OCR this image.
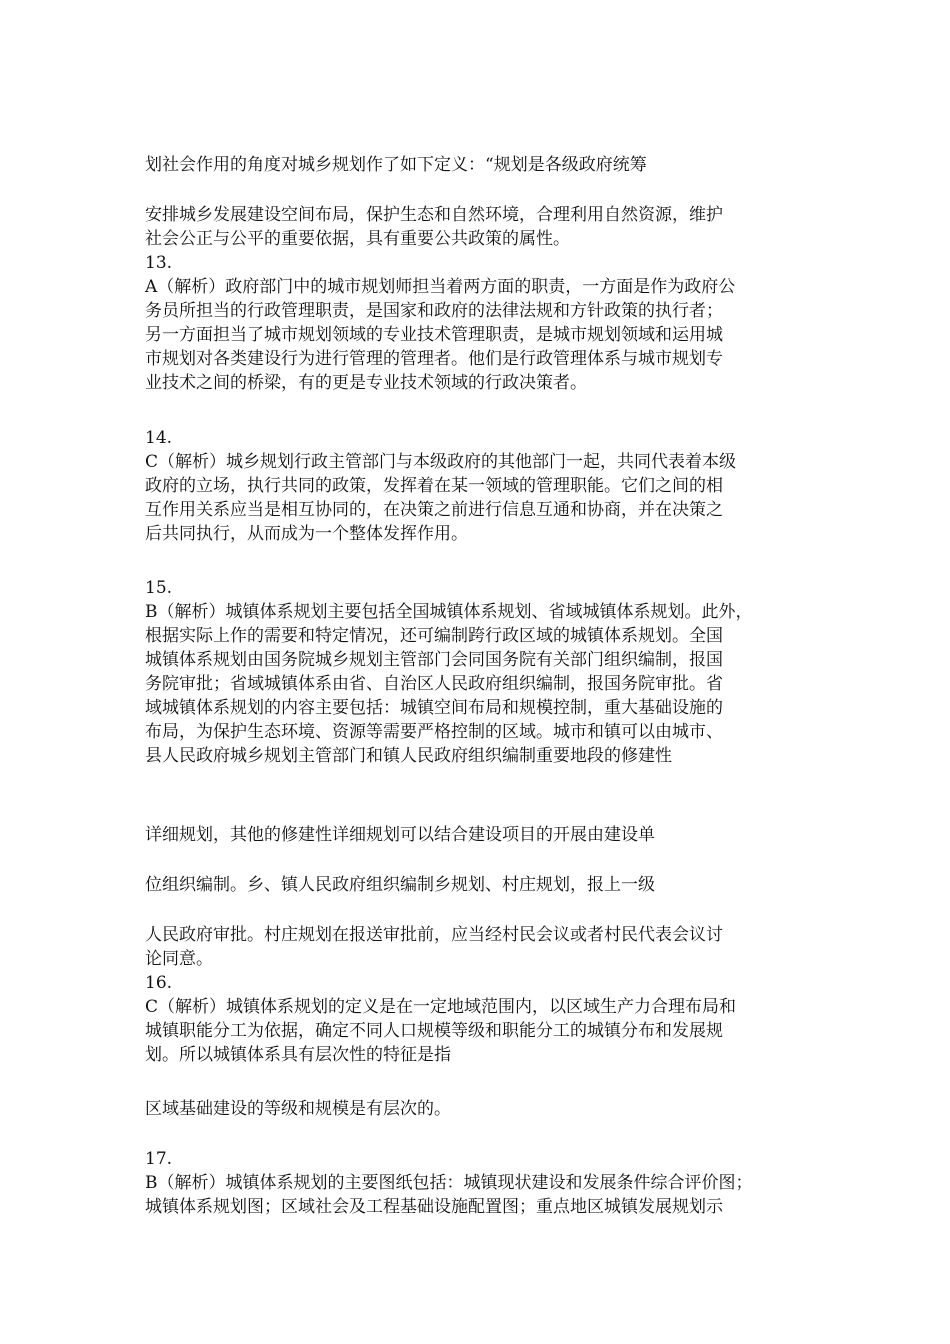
划社会作用的角度对城乡规划作了如下定义：“规划是各级政府统筹
安排城乡发展建设空间布局，保护生态和自然环境，合理利用自然资源，维护
社会公正与公平的重要依据，具有重要公共政策的属性。
13.
A（解析）政府部门中的城市规划师担当着两方面的职责，一方面是作为政府公
务员所担当的行政管理职责，是国家和政府的法律法规和方针政策的执行者；
另一方面担当了城市规划领域的专业技术管理职责，是城市规划领域和运用城
市规划对各类建设行为进行管理的管理者。他们是行政管理体系与城市规划专
业技术之间的桥梁，有的更是专业技术领域的行政决策者。
14.
C（解析）城乡规划行政主管部门与本级政府的其他部门一起，共同代表着本级
政府的立场，执行共同的政策，发挥着在某一领域的管理职能。它们之间的相
互作用关系应当是相互协同的，在决策之前进行信息互通和协商，并在决策之
后共同执行，从而成为一个整体发挥作用。
15.
B（解析）城镇体系规划主要包括全国城镇体系规划、省域城镇体系规划。此外，
根据实际上作的需要和特定情况，还可编制跨行政区域的城镇体系规划。全国
城镇体系规划由国务院城乡规划主管部门会同国务院有关部门组织编制，报国
务院审批；省域城镇体系由省、自治区人民政府组织编制，报国务院审批。省
域城镇体系规划的内容主要包括：城镇空间布局和规模控制，重大基础设施的
布局，为保护生态环境、资源等需要严格控制的区域。城市和镇可以由城市、
县人民政府城乡规划主管部门和镇人民政府组织编制重要地段的修建性
详细规划，其他的修建性详细规划可以结合建设项目的开展由建设单
位组织编制。乡、镇人民政府组织编制乡规划、村庄规划，报上一级
人民政府审批。村庄规划在报送审批前，应当经村民会议或者村民代表会议讨
论同意。
16.
C（解析）城镇体系规划的定义是在一定地域范围内，以区域生产力合理布局和
城镇职能分工为依据，确定不同人口规模等级和职能分工的城镇分布和发展规
划。所以城镇体系具有层次性的特征是指
区域基础建设的等级和规模是有层次的。
17.
B（解析）城镇体系规划的主要图纸包括：城镇现状建设和发展条件综合评价图；
城镇体系规划图；区域社会及工程基础设施配置图；重点地区城镇发展规划示
